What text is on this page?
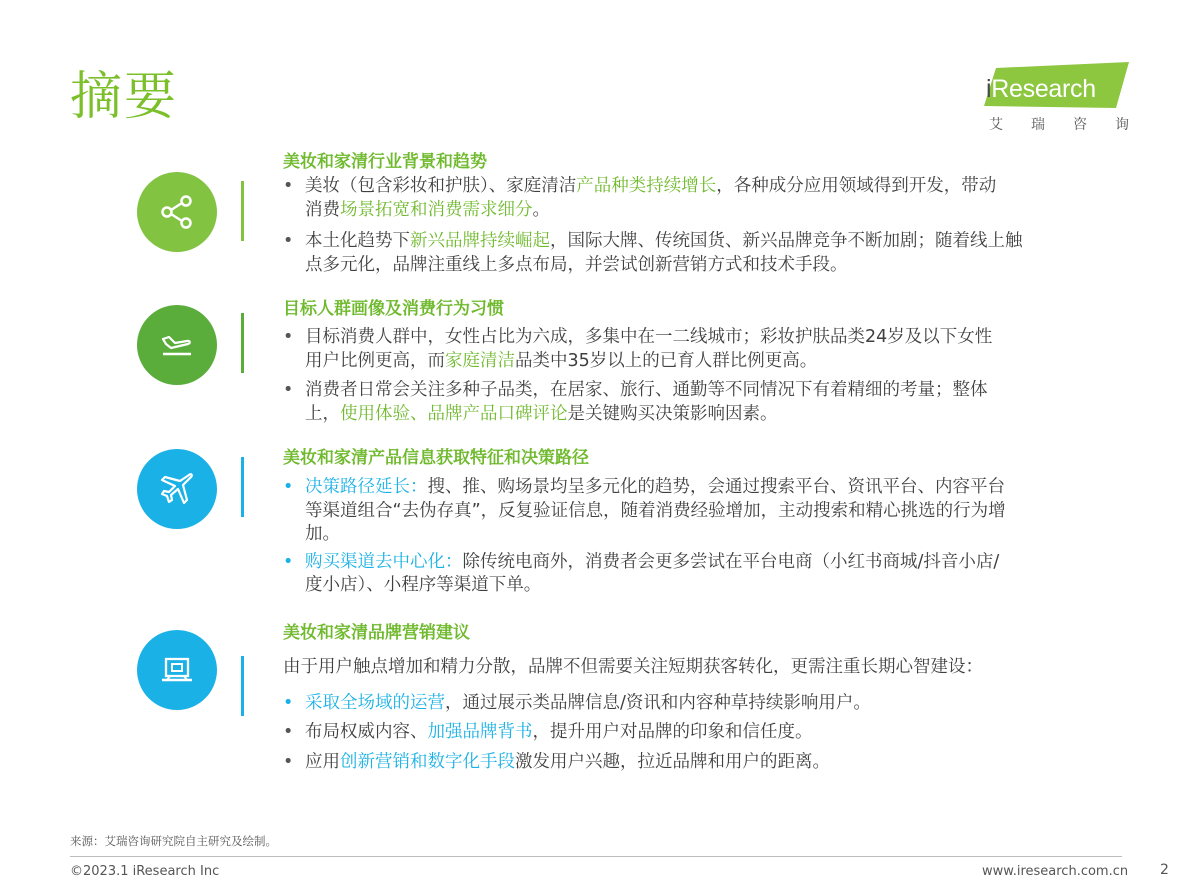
摘要	iResearch
艾 瑞 咨 询
美妆和家清行业背景和趋势
• 美妆（包含彩妆和护肤）、家庭清洁产品种类持续增长，各种成分应用领域得到开发，带动消费场景拓宽和消费需求细分。
• 本土化趋势下新兴品牌持续崛起，国际大牌、传统国货、新兴品牌竞争不断加剧；随着线上触点多元化，品牌注重线上多点布局，并尝试创新营销方式和技术手段。
目标人群画像及消费行为习惯
• 目标消费人群中，女性占比为六成，多集中在一二线城市；彩妆护肤品类24岁及以下女性用户比例更高，而家庭清洁品类中35岁以上的已育人群比例更高。
• 消费者日常会关注多种子品类，在居家、旅行、通勤等不同情况下有着精细的考量；整体上，使用体验、品牌产品口碑评论是关键购买决策影响因素。
美妆和家清产品信息获取特征和决策路径
• 决策路径延长：搜、推、购场景均呈多元化的趋势，会通过搜索平台、资讯平台、内容平台等渠道组合“去伪存真”，反复验证信息，随着消费经验增加，主动搜索和精心挑选的行为增加。
• 购买渠道去中心化：除传统电商外，消费者会更多尝试在平台电商（小红书商城/抖音小店/度小店）、小程序等渠道下单。
美妆和家清品牌营销建议
由于用户触点增加和精力分散，品牌不但需要关注短期获客转化，更需注重长期心智建设：
• 采取全场域的运营，通过展示类品牌信息/资讯和内容种草持续影响用户。
• 布局权威内容、加强品牌背书，提升用户对品牌的印象和信任度。
• 应用创新营销和数字化手段激发用户兴趣，拉近品牌和用户的距离。
来源：艾瑞咨询研究院自主研究及绘制。
©2023.1 iResearch Inc	www.iresearch.com.cn 2
